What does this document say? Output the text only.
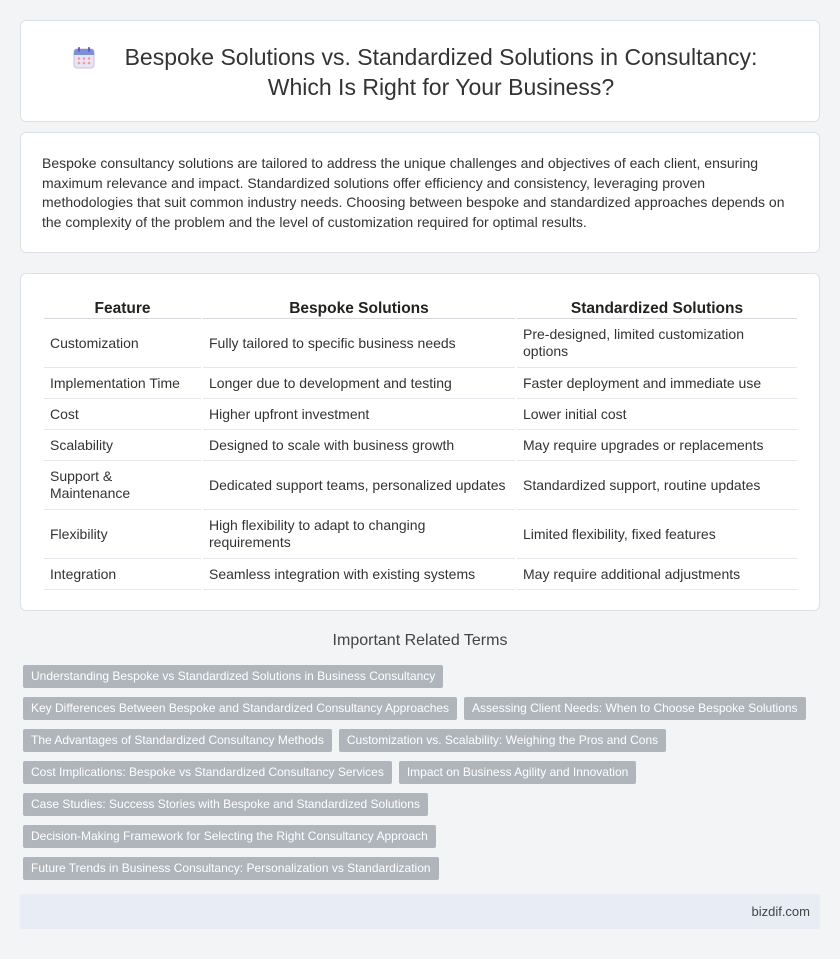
Bespoke Solutions vs. Standardized Solutions in Consultancy: Which Is Right for Your Business?

Bespoke consultancy solutions are tailored to address the unique challenges and objectives of each client, ensuring maximum relevance and impact. Standardized solutions offer efficiency and consistency, leveraging proven methodologies that suit common industry needs. Choosing between bespoke and standardized approaches depends on the complexity of the problem and the level of customization required for optimal results.

Feature	Bespoke Solutions	Standardized Solutions
Customization	Fully tailored to specific business needs	Pre-designed, limited customization options
Implementation Time	Longer due to development and testing	Faster deployment and immediate use
Cost	Higher upfront investment	Lower initial cost
Scalability	Designed to scale with business growth	May require upgrades or replacements
Support & Maintenance	Dedicated support teams, personalized updates	Standardized support, routine updates
Flexibility	High flexibility to adapt to changing requirements	Limited flexibility, fixed features
Integration	Seamless integration with existing systems	May require additional adjustments
Important Related Terms
Understanding Bespoke vs Standardized Solutions in Business Consultancy
Key Differences Between Bespoke and Standardized Consultancy Approaches	Assessing Client Needs: When to Choose Bespoke Solutions
The Advantages of Standardized Consultancy Methods	Customization vs. Scalability: Weighing the Pros and Cons
Cost Implications: Bespoke vs Standardized Consultancy Services	Impact on Business Agility and Innovation
Case Studies: Success Stories with Bespoke and Standardized Solutions
Decision-Making Framework for Selecting the Right Consultancy Approach
Future Trends in Business Consultancy: Personalization vs Standardization
bizdif.com
